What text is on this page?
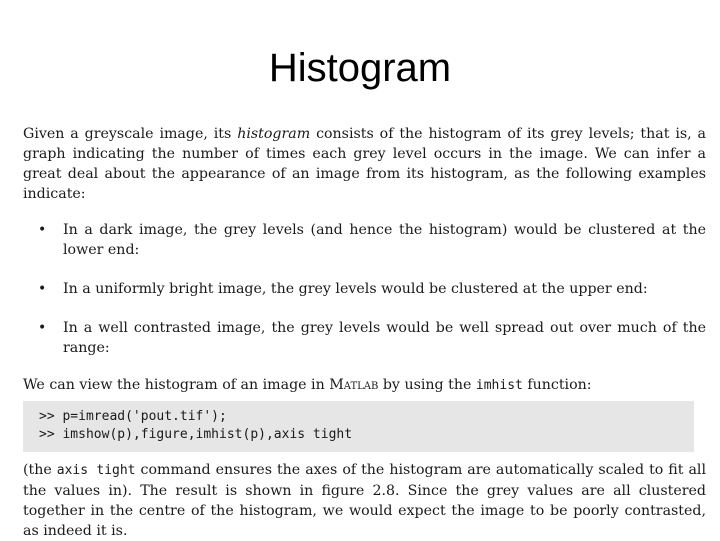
Histogram

Given a greyscale image, its histogram consists of the histogram of its grey levels; that is, a graph indicating the number of times each grey level occurs in the image. We can infer a great deal about the appearance of an image from its histogram, as the following examples indicate:

• In a dark image, the grey levels (and hence the histogram) would be clustered at the lower end:
• In a uniformly bright image, the grey levels would be clustered at the upper end:
• In a well contrasted image, the grey levels would be well spread out over much of the range:

We can view the histogram of an image in Matlab by using the imhist function:

>> p=imread('pout.tif');
>> imshow(p),figure,imhist(p),axis tight

(the axis tight command ensures the axes of the histogram are automatically scaled to fit all the values in). The result is shown in figure 2.8. Since the grey values are all clustered together in the centre of the histogram, we would expect the image to be poorly contrasted, as indeed it is.
